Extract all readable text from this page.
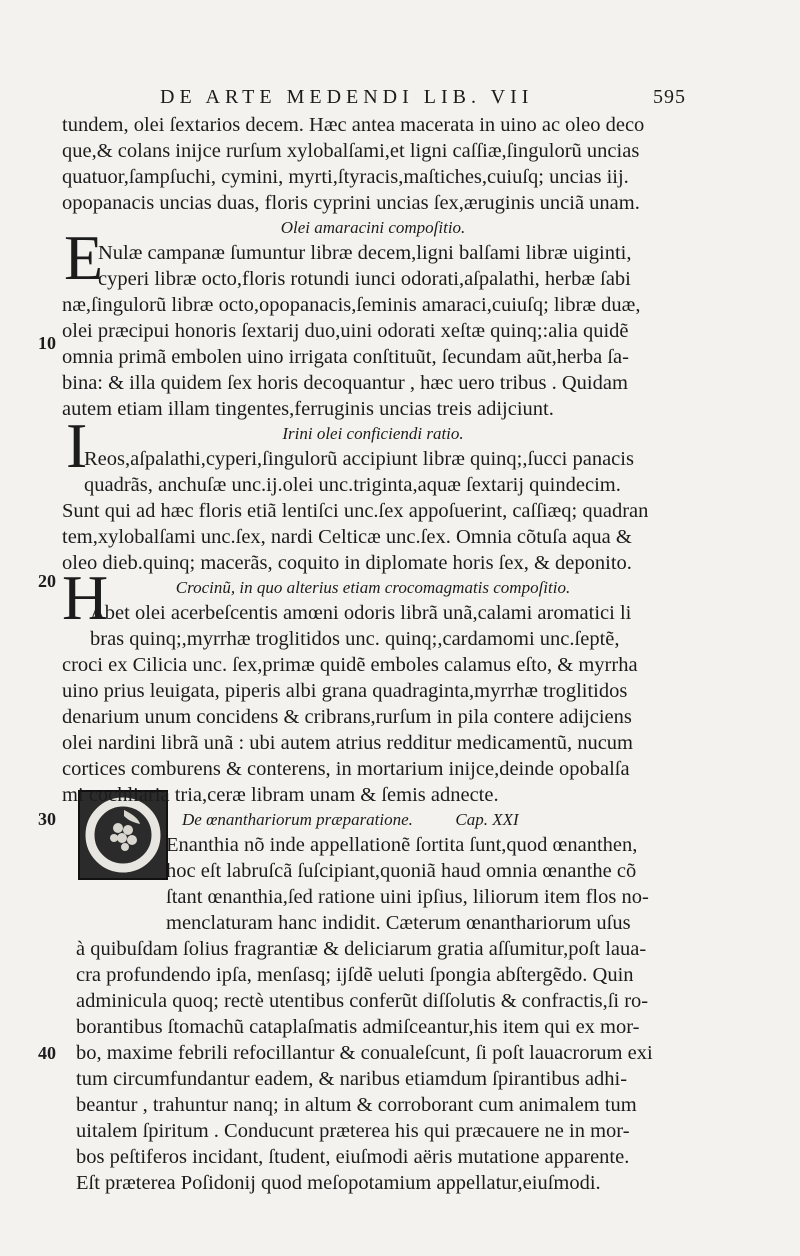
DE ARTE MEDENDI LIB. VII	595
10
20
30
40
E
I
H
tundem, olei ſextarios decem. Hæc antea macerata in uino ac oleo deco
que,& colans inijce rurſum xylobalſami,et ligni caſſiæ,ſingulorũ uncias
quatuor,ſampſuchi, cymini, myrti,ſtyracis,maſtiches,cuiuſq; uncias iij.
opopanacis uncias duas, floris cyprini uncias ſex,æruginis unciã unam.
Olei amaracini compoſitio.
Nulæ campanæ ſumuntur libræ decem,ligni balſami libræ uiginti,
cyperi libræ octo,floris rotundi iunci odorati,aſpalathi, herbæ ſabi
næ,ſingulorũ libræ octo,opopanacis,ſeminis amaraci,cuiuſq; libræ duæ,
olei præcipui honoris ſextarij duo,uini odorati xeſtæ quinq;:alia quidẽ
omnia primã embolen uino irrigata conſtituũt, ſecundam aũt,herba ſa-
bina: & illa quidem ſex horis decoquantur , hæc uero tribus . Quidam
autem etiam illam tingentes,ferruginis uncias treis adijciunt.
Irini olei conficiendi ratio.
Reos,aſpalathi,cyperi,ſingulorũ accipiunt libræ quinq;,ſucci panacis
quadrãs, anchuſæ unc.ij.olei unc.triginta,aquæ ſextarij quindecim.
Sunt qui ad hæc floris etiã lentiſci unc.ſex appoſuerint, caſſiæq; quadran
tem,xylobalſami unc.ſex, nardi Celticæ unc.ſex. Omnia cõtuſa aqua &
oleo dieb.quinq; macerãs, coquito in diplomate horis ſex, & deponito.
Crocinũ, in quo alterius etiam crocomagmatis compoſitio.
Abet olei acerbeſcentis amœni odoris librã unã,calami aromatici li
bras quinq;,myrrhæ troglitidos unc. quinq;,cardamomi unc.ſeptẽ,
croci ex Cilicia unc. ſex,primæ quidẽ emboles calamus eſto, & myrrha
uino prius leuigata, piperis albi grana quadraginta,myrrhæ troglitidos
denarium unum concidens & cribrans,rurſum in pila contere adijciens
olei nardini librã unã : ubi autem atrius redditur medicamentũ, nucum
cortices comburens & conterens, in mortarium inijce,deinde opobalſa
mi cochliaria tria,ceræ libram unam & ſemis adnecte.
De œnanthariorum præparatione.          Cap. XXI
Enanthia nõ inde appellationẽ ſortita ſunt,quod œnanthen,
hoc eſt labruſcã ſuſcipiant,quoniã haud omnia œnanthe cõ
ſtant œnanthia,ſed ratione uini ipſius, liliorum item flos no-
menclaturam hanc indidit. Cæterum œnanthariorum uſus
à quibuſdam ſolius fragrantiæ & deliciarum gratia aſſumitur,poſt laua-
cra profundendo ipſa, menſasq; ijſdẽ ueluti ſpongia abſtergẽdo. Quin
adminicula quoq; rectè utentibus conferũt diſſolutis & confractis,ſi ro-
borantibus ſtomachũ cataplaſmatis admiſceantur,his item qui ex mor-
bo, maxime febrili refocillantur & conualeſcunt, ſi poſt lauacrorum exi
tum circumfundantur eadem, & naribus etiamdum ſpirantibus adhi-
beantur , trahuntur nanq; in altum & corroborant cum animalem tum
uitalem ſpiritum . Conducunt præterea his qui præcauere ne in mor-
bos peſtiferos incidant, ſtudent, eiuſmodi aëris mutatione apparente.
Eſt præterea Poſidonij quod meſopotamium appellatur,eiuſmodi.
